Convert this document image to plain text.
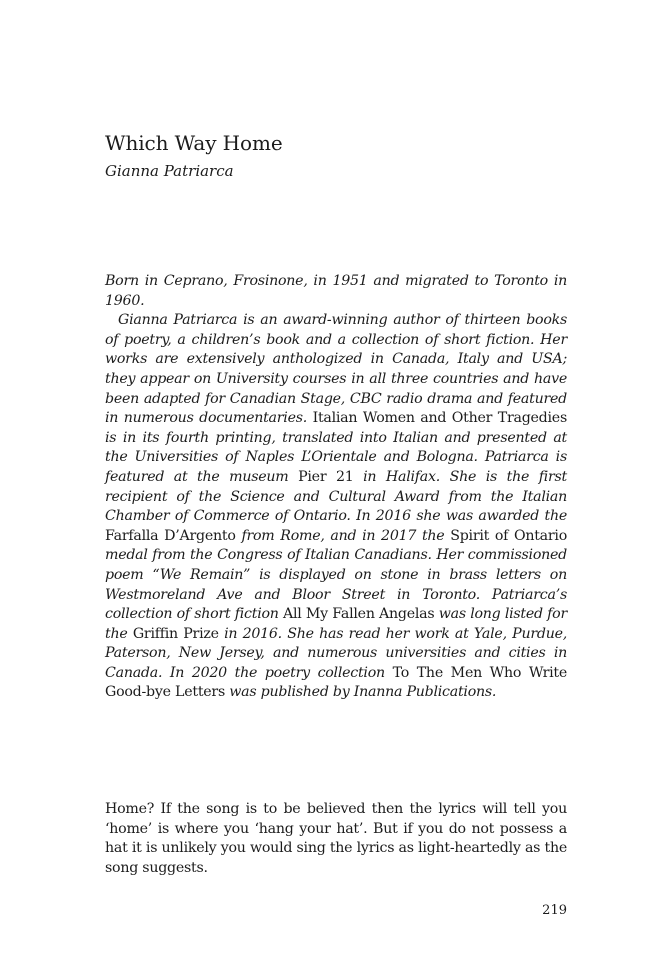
Which Way Home

Gianna Patriarca

Born in Ceprano, Frosinone, in 1951 and migrated to Toronto in 1960.

Gianna Patriarca is an award-winning author of thirteen books of poetry, a children’s book and a collection of short fiction. Her works are extensively anthologized in Canada, Italy and USA; they appear on University courses in all three countries and have been adapted for Canadian Stage, CBC radio drama and featured in numerous documentaries. Italian Women and Other Tragedies is in its fourth printing, translated into Italian and presented at the Universities of Naples L’Orientale and Bologna. Patriarca is featured at the museum Pier 21 in Halifax. She is the first recipient of the Science and Cultural Award from the Italian Chamber of Commerce of Ontario. In 2016 she was awarded the Farfalla D’Argento from Rome, and in 2017 the Spirit of Ontario medal from the Congress of Italian Canadians. Her commissioned poem “We Remain” is displayed on stone in brass letters on Westmoreland Ave and Bloor Street in Toronto. Patriarca’s collection of short fiction All My Fallen Angelas was long listed for the Griffin Prize in 2016. She has read her work at Yale, Purdue, Paterson, New Jersey, and numerous universities and cities in Canada. In 2020 the poetry collection To The Men Who Write Good-bye Letters was published by Inanna Publications.

Home? If the song is to be believed then the lyrics will tell you ‘home’ is where you ‘hang your hat’. But if you do not possess a hat it is unlikely you would sing the lyrics as light-heartedly as the song suggests.

219
